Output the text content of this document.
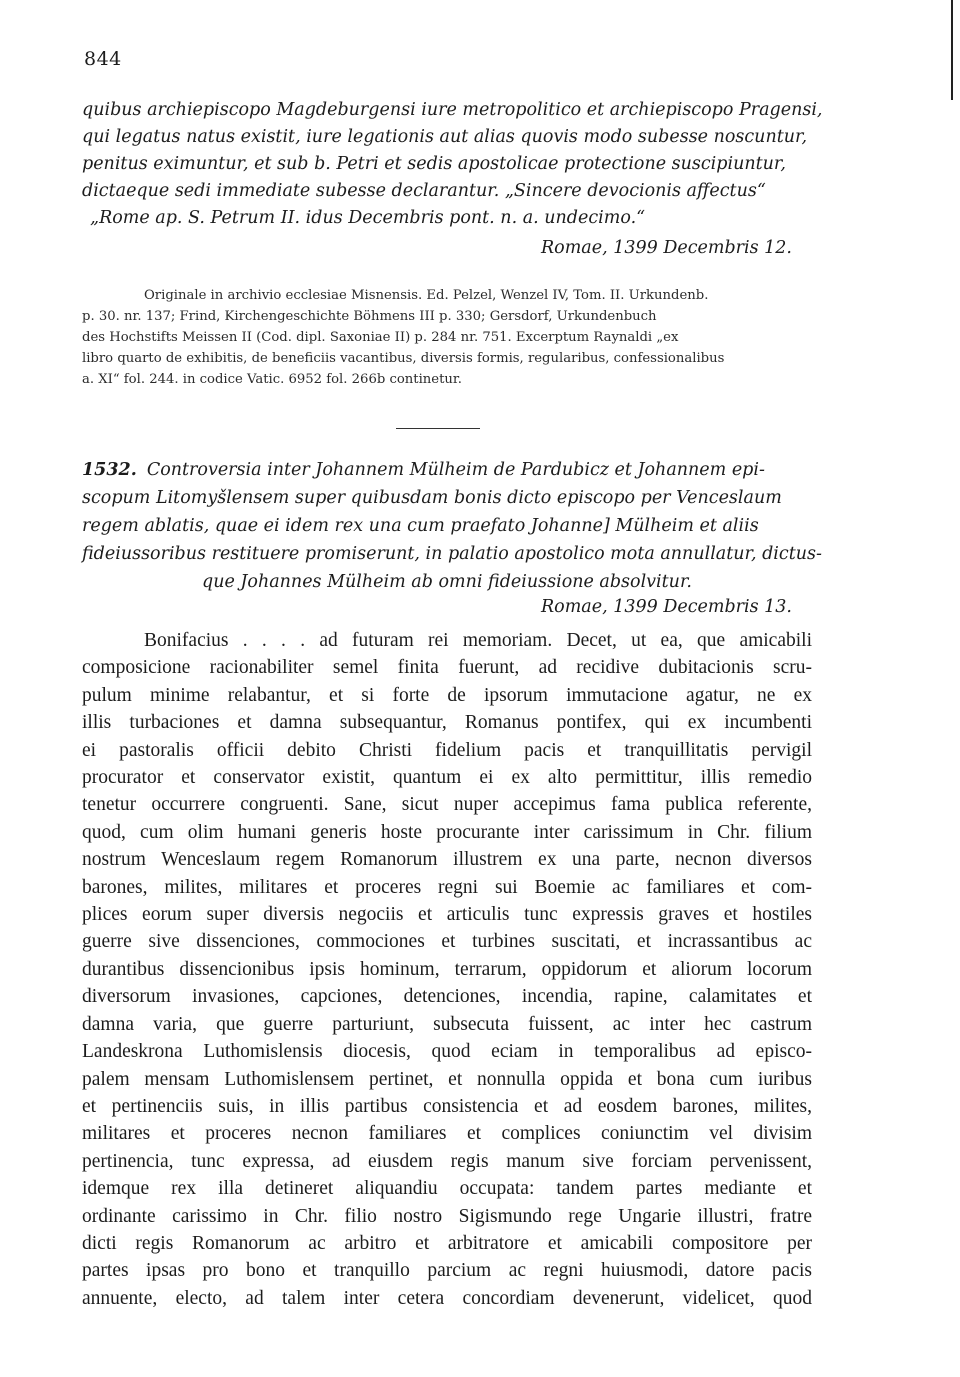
844
quibus archiepiscopo Magdeburgensi iure metropolitico et archiepiscopo Pragensi,
qui legatus natus existit, iure legationis aut alias quovis modo subesse noscuntur,
penitus eximuntur, et sub b. Petri et sedis apostolicae protectione suscipiuntur,
dictaeque sedi immediate subesse declarantur. „Sincere devocionis affectus“
„Rome ap. S. Petrum II. idus Decembris pont. n. a. undecimo.“
Romae, 1399 Decembris 12.
Originale in archivio ecclesiae Misnensis. Ed. Pelzel, Wenzel IV, Tom. II. Urkundenb.
p. 30. nr. 137; Frind, Kirchengeschichte Böhmens III p. 330; Gersdorf, Urkundenbuch
des Hochstifts Meissen II (Cod. dipl. Saxoniae II) p. 284 nr. 751. Excerptum Raynaldi „ex
libro quarto de exhibitis, de beneficiis vacantibus, diversis formis, regularibus, confessionalibus
a. XI“ fol. 244. in codice Vatic. 6952 fol. 266b continetur.
1532. Controversia inter Johannem Mülheim de Pardubicz et Johannem epi-
scopum Litomyšlensem super quibusdam bonis dicto episcopo per Venceslaum
regem ablatis, quae ei idem rex una cum praefato Johanne] Mülheim et aliis
fideiussoribus restituere promiserunt, in palatio apostolico mota annullatur, dictus-
que Johannes Mülheim ab omni fideiussione absolvitur.
Romae, 1399 Decembris 13.
Bonifacius . . . . ad futuram rei memoriam. Decet, ut ea, que amicabili
composicione racionabiliter semel finita fuerunt, ad recidive dubitacionis scru-
pulum minime relabantur, et si forte de ipsorum immutacione agatur, ne ex
illis turbaciones et damna subsequantur, Romanus pontifex, qui ex incumbenti
ei pastoralis officii debito Christi fidelium pacis et tranquillitatis pervigil
procurator et conservator existit, quantum ei ex alto permittitur, illis remedio
tenetur occurrere congruenti. Sane, sicut nuper accepimus fama publica referente,
quod, cum olim humani generis hoste procurante inter carissimum in Chr. filium
nostrum Wenceslaum regem Romanorum illustrem ex una parte, necnon diversos
barones, milites, militares et proceres regni sui Boemie ac familiares et com-
plices eorum super diversis negociis et articulis tunc expressis graves et hostiles
guerre sive dissenciones, commociones et turbines suscitati, et incrassantibus ac
durantibus dissencionibus ipsis hominum, terrarum, oppidorum et aliorum locorum
diversorum invasiones, capciones, detenciones, incendia, rapine, calamitates et
damna varia, que guerre parturiunt, subsecuta fuissent, ac inter hec castrum
Landeskrona Luthomislensis diocesis, quod eciam in temporalibus ad episco-
palem mensam Luthomislensem pertinet, et nonnulla oppida et bona cum iuribus
et pertinenciis suis, in illis partibus consistencia et ad eosdem barones, milites,
militares et proceres necnon familiares et complices coniunctim vel divisim
pertinencia, tunc expressa, ad eiusdem regis manum sive forciam pervenissent,
idemque rex illa detineret aliquandiu occupata: tandem partes mediante et
ordinante carissimo in Chr. filio nostro Sigismundo rege Ungarie illustri, fratre
dicti regis Romanorum ac arbitro et arbitratore et amicabili compositore per
partes ipsas pro bono et tranquillo parcium ac regni huiusmodi, datore pacis
annuente, electo, ad talem inter cetera concordiam devenerunt, videlicet, quod
